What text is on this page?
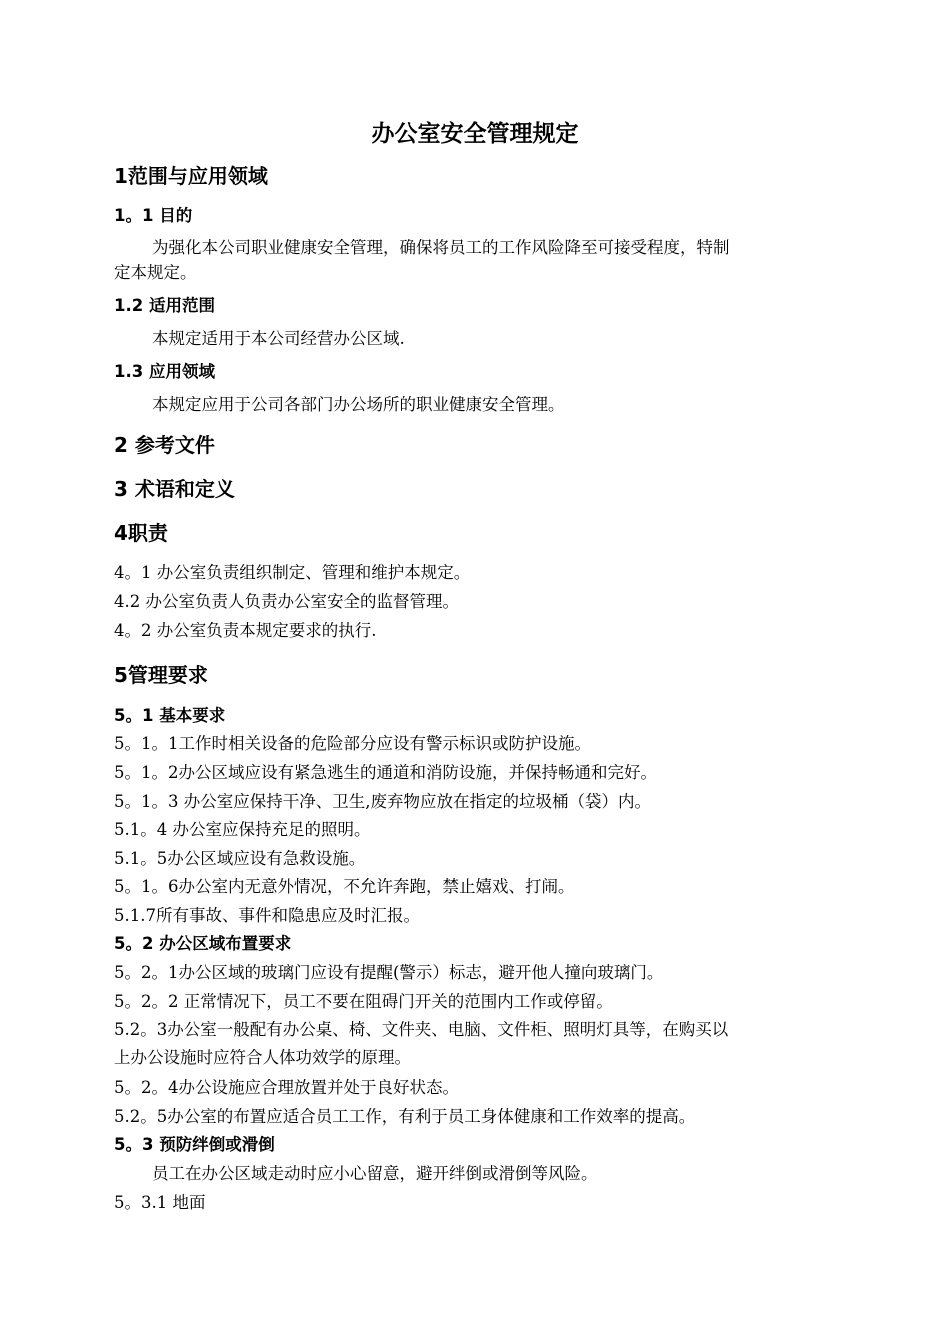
办公室安全管理规定
1范围与应用领域
1。1 目的
为强化本公司职业健康安全管理，确保将员工的工作风险降至可接受程度，特制
定本规定。
1.2 适用范围
本规定适用于本公司经营办公区域.
1.3 应用领域
本规定应用于公司各部门办公场所的职业健康安全管理。
2 参考文件
3 术语和定义
4职责
4。1 办公室负责组织制定、管理和维护本规定。
4.2 办公室负责人负责办公室安全的监督管理。
4。2 办公室负责本规定要求的执行.
5管理要求
5。1 基本要求
5。1。1工作时相关设备的危险部分应设有警示标识或防护设施。
5。1。2办公区域应设有紧急逃生的通道和消防设施，并保持畅通和完好。
5。1。3 办公室应保持干净、卫生,废弃物应放在指定的垃圾桶（袋）内。
5.1。4 办公室应保持充足的照明。
5.1。5办公区域应设有急救设施。
5。1。6办公室内无意外情况，不允许奔跑，禁止嬉戏、打闹。
5.1.7所有事故、事件和隐患应及时汇报。
5。2 办公区域布置要求
5。2。1办公区域的玻璃门应设有提醒(警示）标志，避开他人撞向玻璃门。
5。2。2 正常情况下，员工不要在阻碍门开关的范围内工作或停留。
5.2。3办公室一般配有办公桌、椅、文件夹、电脑、文件柜、照明灯具等，在购买以
上办公设施时应符合人体功效学的原理。
5。2。4办公设施应合理放置并处于良好状态。
5.2。5办公室的布置应适合员工工作，有利于员工身体健康和工作效率的提高。
5。3 预防绊倒或滑倒
员工在办公区域走动时应小心留意，避开绊倒或滑倒等风险。
5。3.1 地面
